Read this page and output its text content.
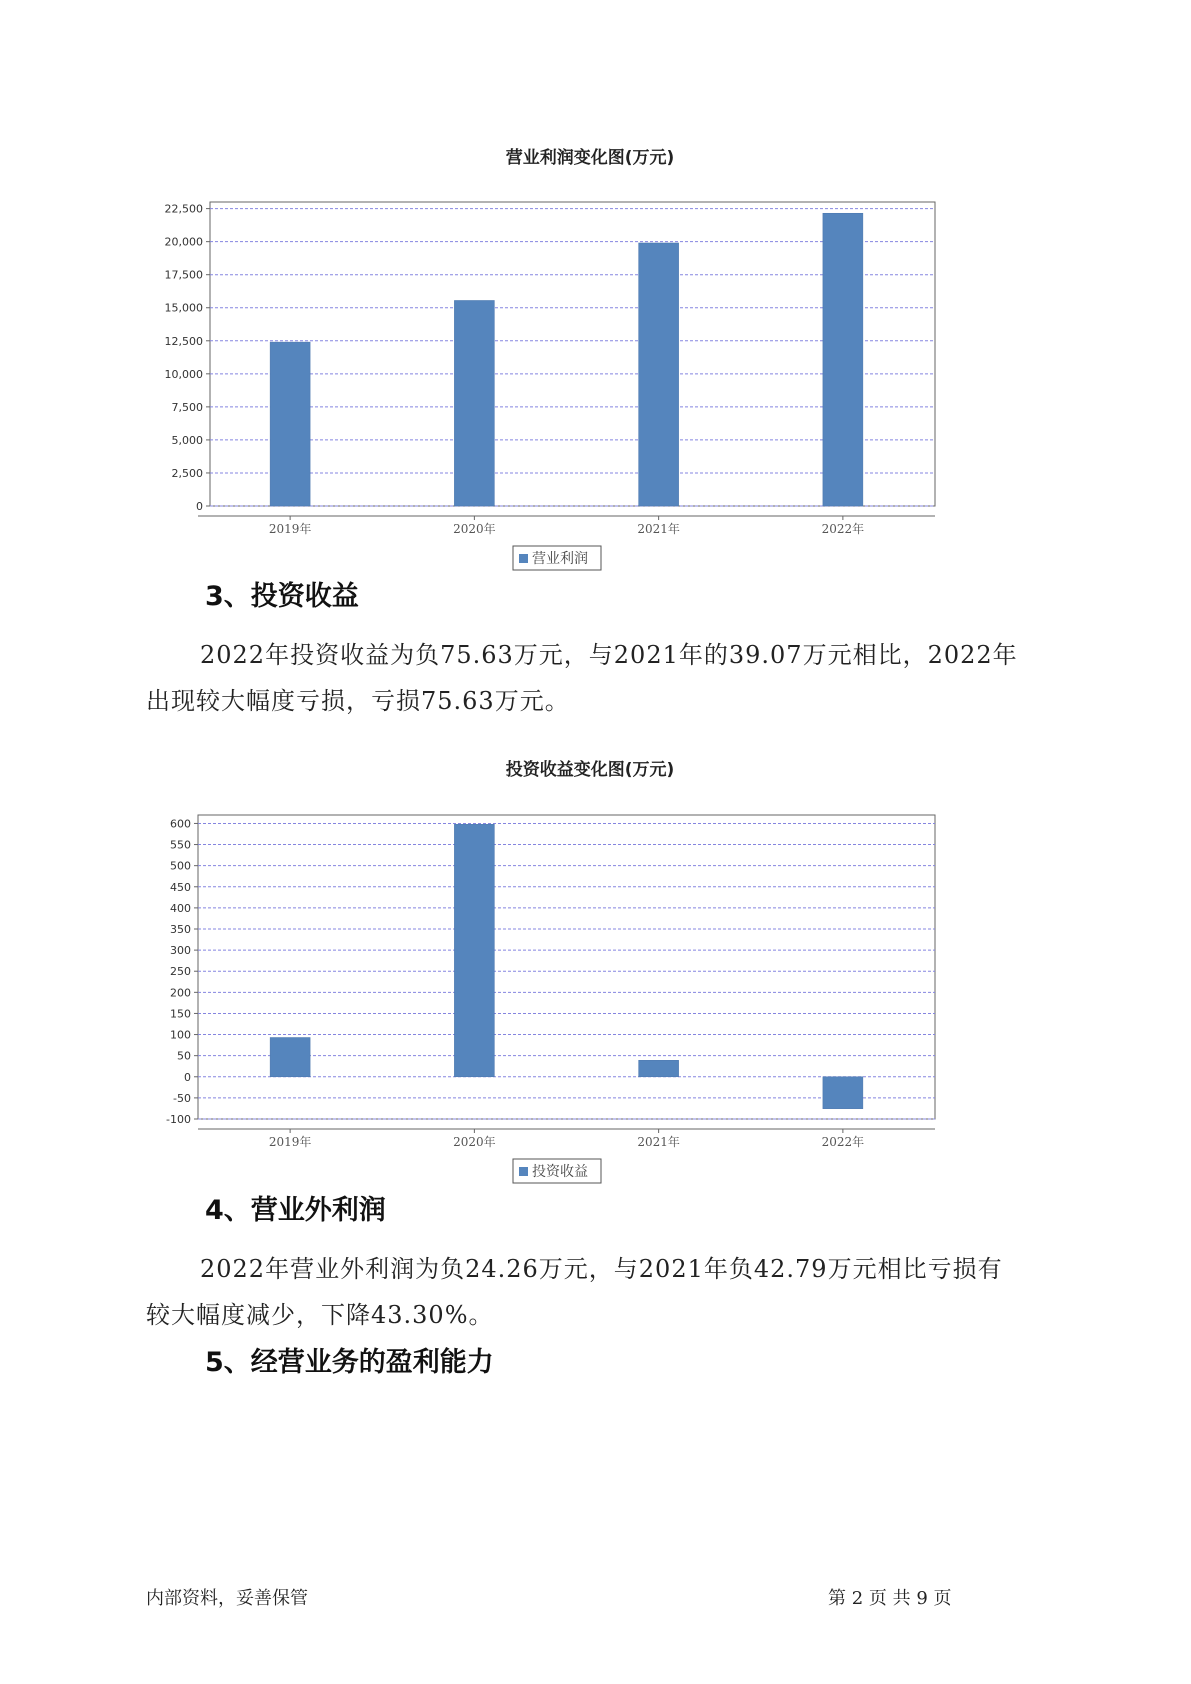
营业利润变化图(万元)
0
2,500
5,000
7,500
10,000
12,500
15,000
17,500
20,000
22,500
2019年	2020年	2021年	2022年
营业利润
3、投资收益
2022年投资收益为负75.63万元，与2021年的39.07万元相比，2022年
出现较大幅度亏损，亏损75.63万元。
投资收益变化图(万元)
-100
-50
0
50
100
150
200
250
300
350
400
450
500
550
600
2019年	2020年	2021年	2022年
投资收益
4、营业外利润
2022年营业外利润为负24.26万元，与2021年负42.79万元相比亏损有
较大幅度减少，下降43.30%。
5、经营业务的盈利能力
内部资料，妥善保管	第 2 页 共 9 页
